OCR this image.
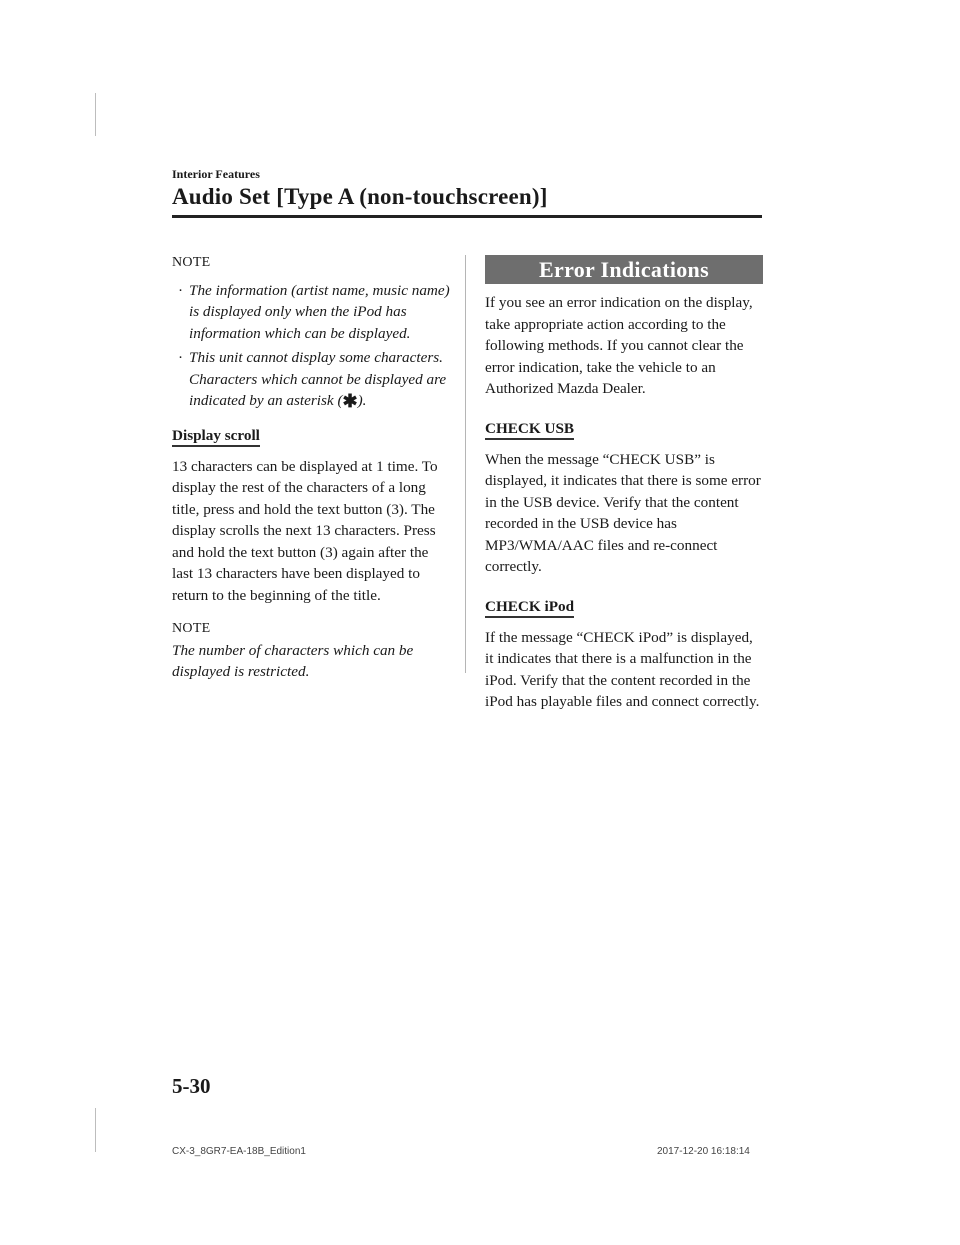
Interior Features
Audio Set [Type A (non-touchscreen)]

NOTE

· The information (artist name, music name) is displayed only when the iPod has information which can be displayed.
· This unit cannot display some characters. Characters which cannot be displayed are indicated by an asterisk (✱).
Display scroll

13 characters can be displayed at 1 time. To display the rest of the characters of a long title, press and hold the text button (3). The display scrolls the next 13 characters. Press and hold the text button (3) again after the last 13 characters have been displayed to return to the beginning of the title.

NOTE

The number of characters which can be displayed is restricted.

Error Indications

If you see an error indication on the display, take appropriate action according to the following methods. If you cannot clear the error indication, take the vehicle to an Authorized Mazda Dealer.

CHECK USB

When the message “CHECK USB” is displayed, it indicates that there is some error in the USB device. Verify that the content recorded in the USB device has MP3/WMA/AAC files and re-connect correctly.

CHECK iPod

If the message “CHECK iPod” is displayed, it indicates that there is a malfunction in the iPod. Verify that the content recorded in the iPod has playable files and connect correctly.

5-30
CX-3_8GR7-EA-18B_Edition1	2017-12-20 16:18:14
